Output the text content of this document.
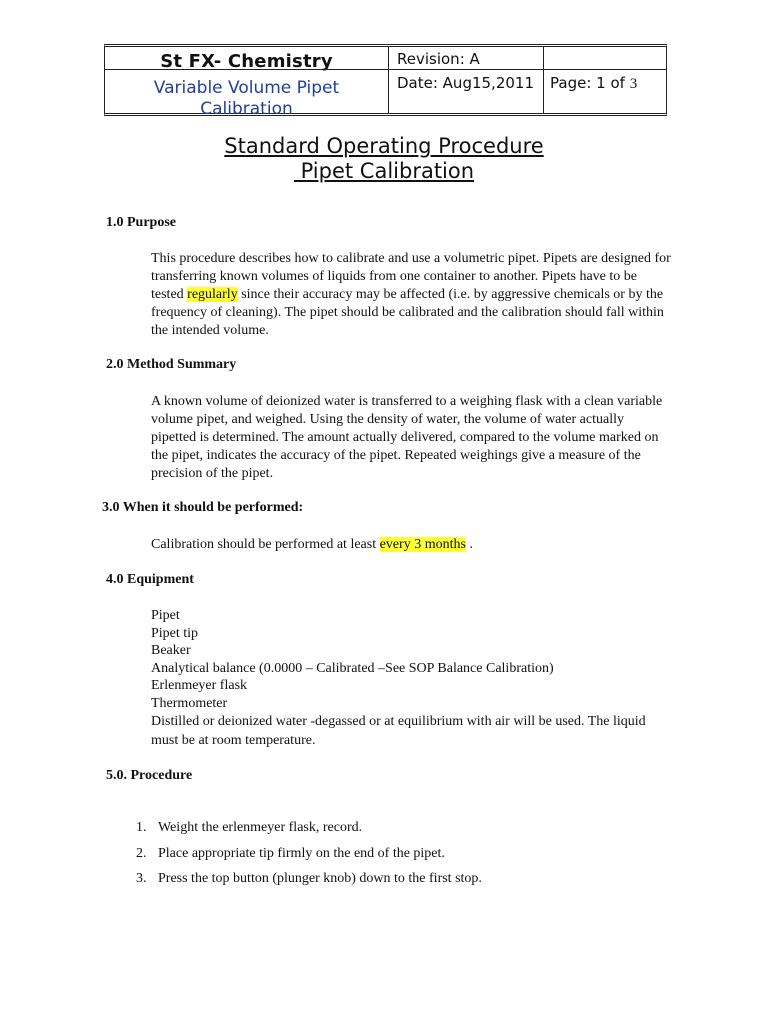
St FX- Chemistry
Variable Volume Pipet
Calibration
Revision: A
Date: Aug15,2011 Page: 1 of 3
Standard Operating Procedure
Pipet Calibration
1.0 Purpose
This procedure describes how to calibrate and use a volumetric pipet. Pipets are designed for transferring known volumes of liquids from one container to another. Pipets have to be tested regularly since their accuracy may be affected (i.e. by aggressive chemicals or by the frequency of cleaning). The pipet should be calibrated and the calibration should fall within the intended volume.
2.0 Method Summary
A known volume of deionized water is transferred to a weighing flask with a clean variable volume pipet, and weighed. Using the density of water, the volume of water actually pipetted is determined. The amount actually delivered, compared to the volume marked on the pipet, indicates the accuracy of the pipet. Repeated weighings give a measure of the precision of the pipet.
3.0 When it should be performed:
Calibration should be performed at least every 3 months .
4.0 Equipment
Pipet
Pipet tip
Beaker
Analytical balance (0.0000 – Calibrated –See SOP Balance Calibration)
Erlenmeyer flask
Thermometer
Distilled or deionized water -degassed or at equilibrium with air will be used. The liquid must be at room temperature.
5.0. Procedure
1. Weight the erlenmeyer flask, record.
2. Place appropriate tip firmly on the end of the pipet.
3. Press the top button (plunger knob) down to the first stop.
